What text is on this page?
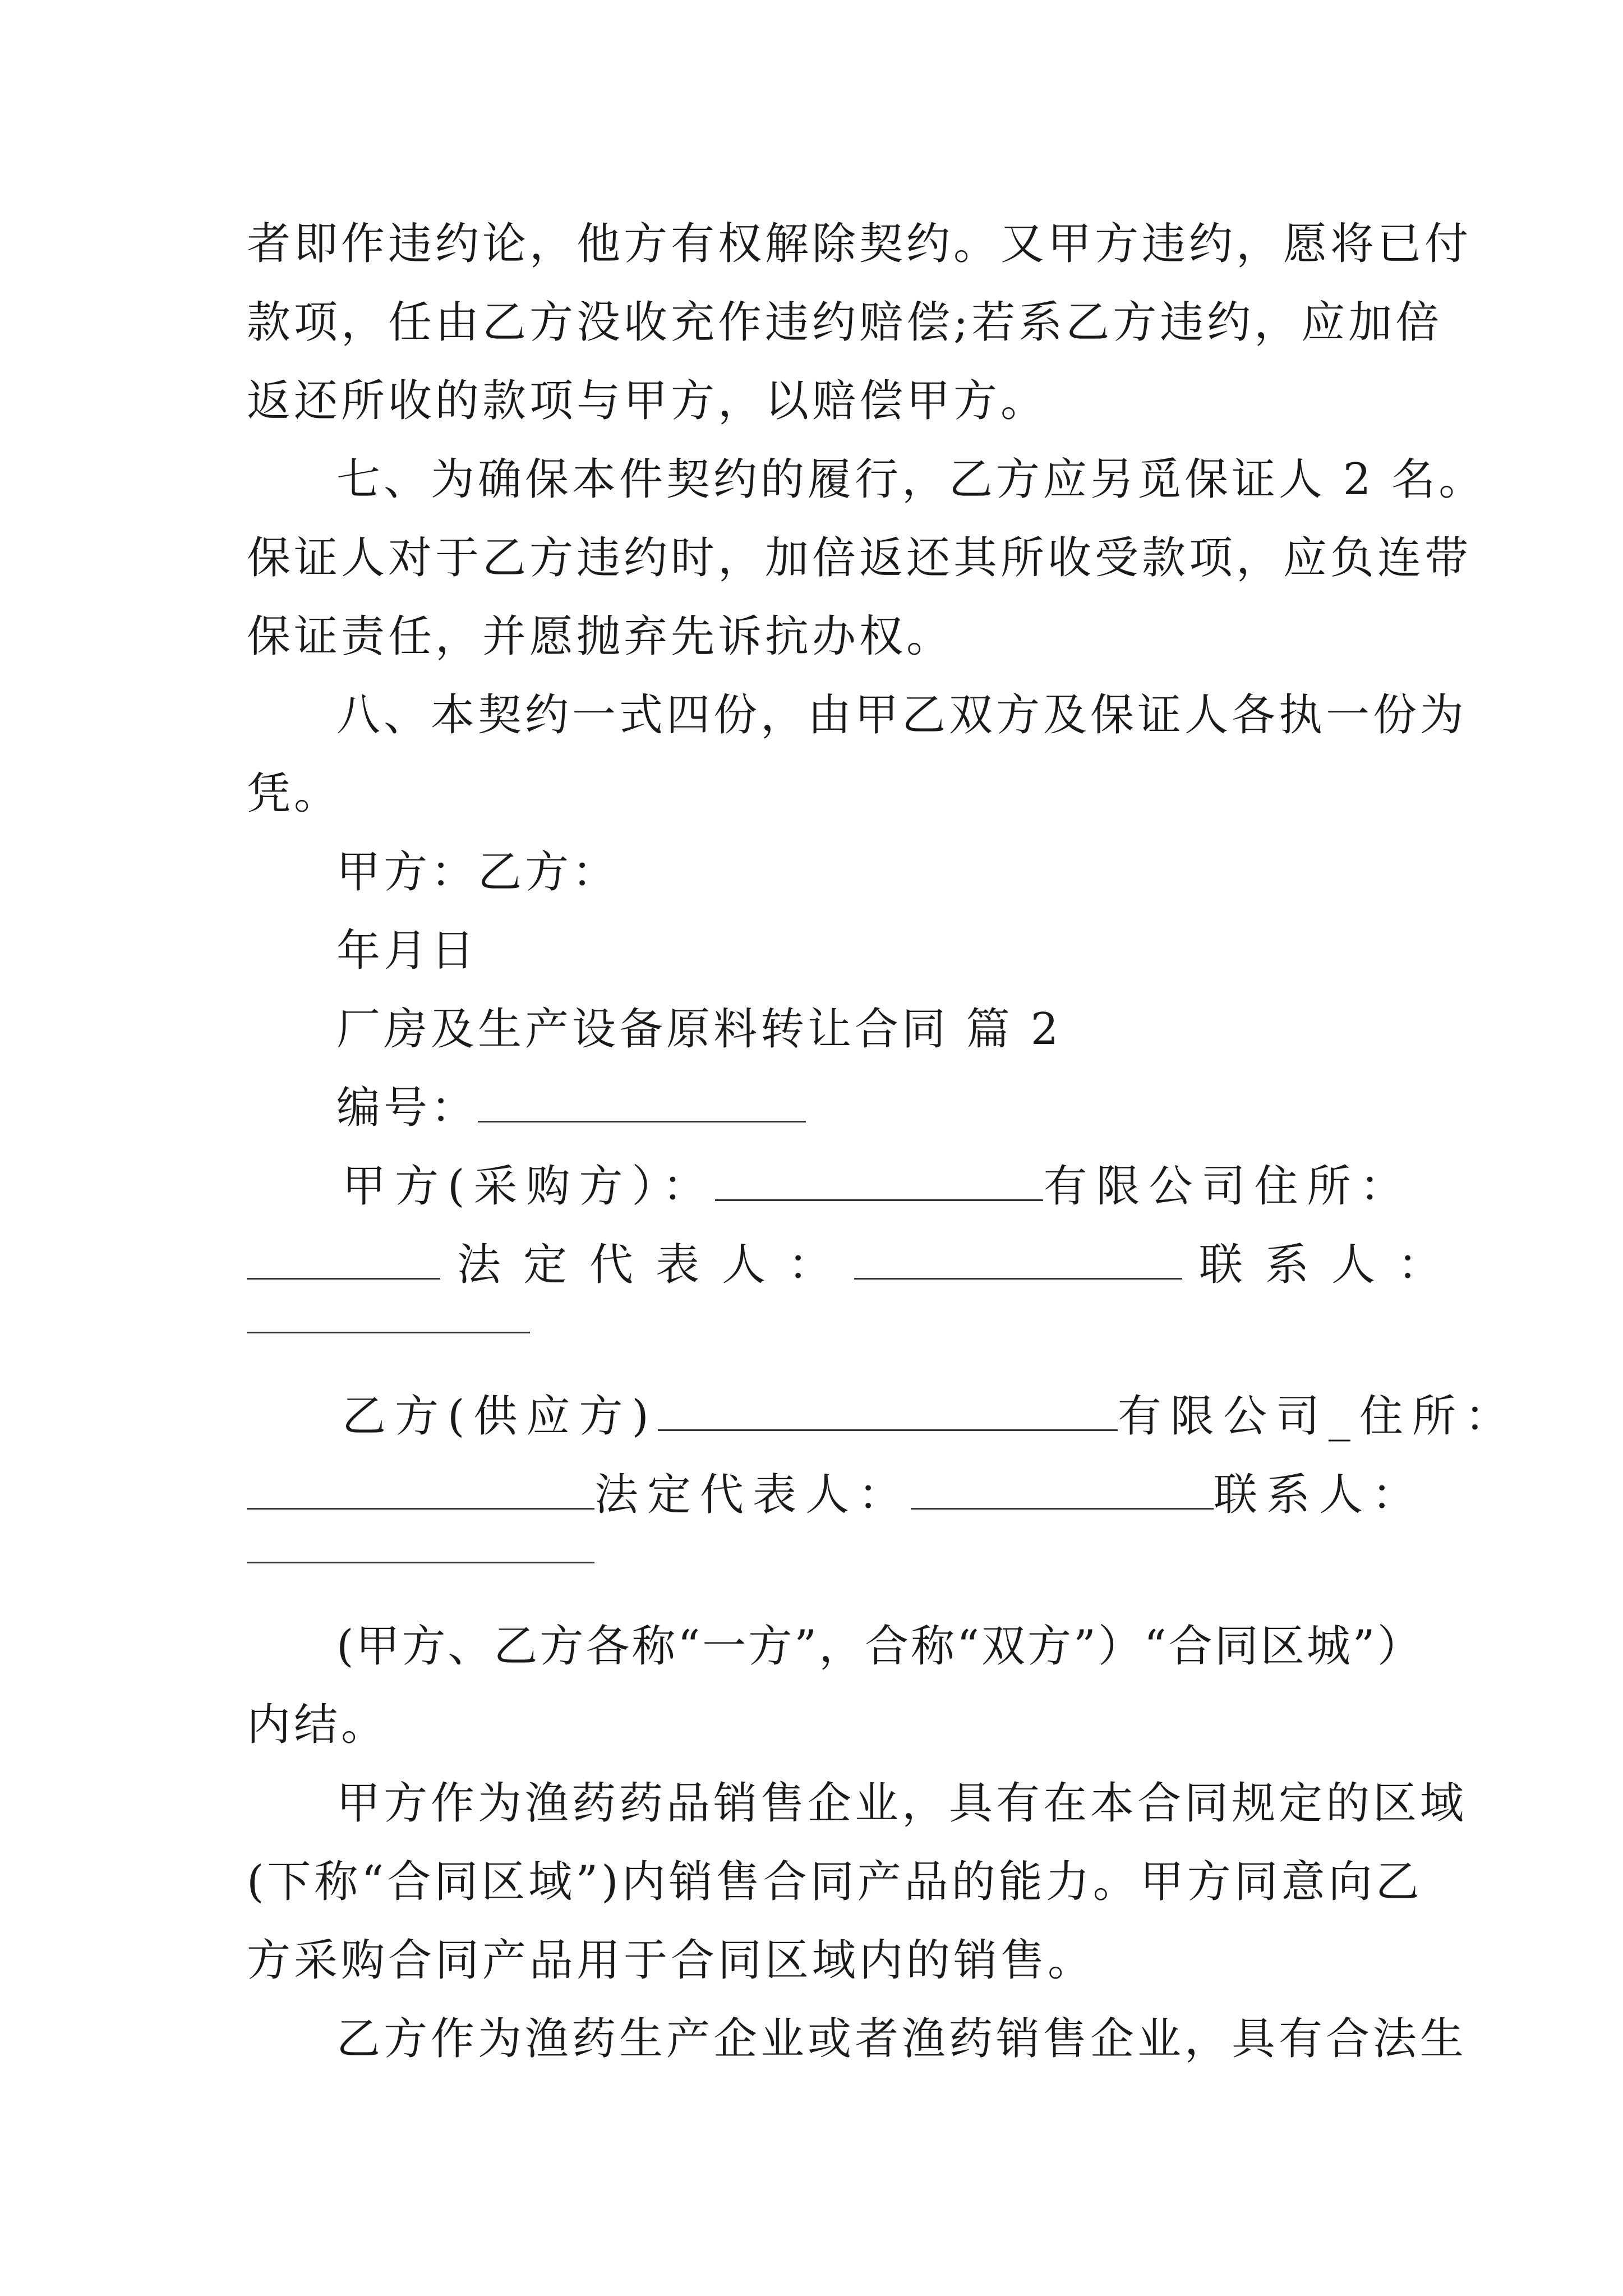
者即作违约论，他方有权解除契约。又甲方违约，愿将已付
款项，任由乙方没收充作违约赔偿;若系乙方违约，应加倍
返还所收的款项与甲方，以赔偿甲方。
七、为确保本件契约的履行，乙方应另觅保证人 2 名。
保证人对于乙方违约时，加倍返还其所收受款项，应负连带
保证责任，并愿抛弃先诉抗办权。
八、本契约一式四份，由甲乙双方及保证人各执一份为
凭。
甲方：乙方：
年月日
厂房及生产设备原料转让合同 篇 2
编号：
甲方(采购方）：	有限公司住所：
法定代表人：	联系人：
乙方(供应方)	有限公司_住所：
法定代表人：	联系人：
(甲方、乙方各称“一方”，合称“双方”）“合同区城”）
内结。
甲方作为渔药药品销售企业，具有在本合同规定的区域
(下称“合同区域”)内销售合同产品的能力。甲方同意向乙
方采购合同产品用于合同区域内的销售。
乙方作为渔药生产企业或者渔药销售企业，具有合法生
